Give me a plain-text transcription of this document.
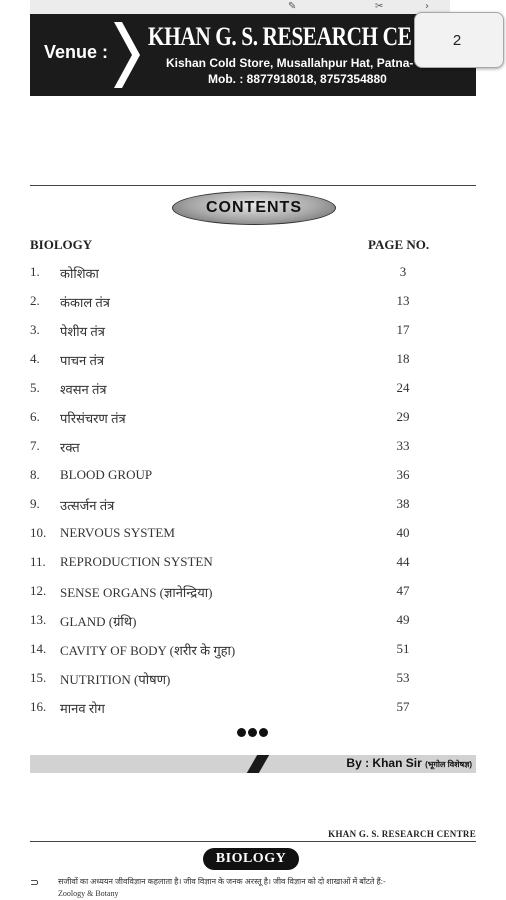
✎	✂	›
Venue :
KHAN G. S. RESEARCH CE
Kishan Cold Store, Musallahpur Hat, Patna-
Mob. : 8877918018, 8757354880
2
CONTENTS
BIOLOGY	PAGE NO.
1. कोशिका	3
2. कंकाल तंत्र	13
3. पेशीय तंत्र	17
4. पाचन तंत्र	18
5. श्वसन तंत्र	24
6. परिसंचरण तंत्र	29
7. रक्त	33
8. BLOOD GROUP	36
9. उत्सर्जन तंत्र	38
10. NERVOUS SYSTEM	40
11. REPRODUCTION SYSTEN	44
12. SENSE ORGANS (ज्ञानेन्द्रिया)	47
13. GLAND (ग्रंथि)	49
14. CAVITY OF BODY (शरीर के गुहा)	51
15. NUTRITION (पोषण)	53
16. मानव रोग	57
By : Khan Sir (भूगोल विशेषज्ञ)
KHAN G. S. RESEARCH CENTRE
BIOLOGY
⊃ सजीवों का अध्ययन जीवविज्ञान कहलाता है। जीव विज्ञान के जनक अरस्तू है। जीव विज्ञान को दो शाखाओं में बाँटते हैं:-
Zoology & Botany
